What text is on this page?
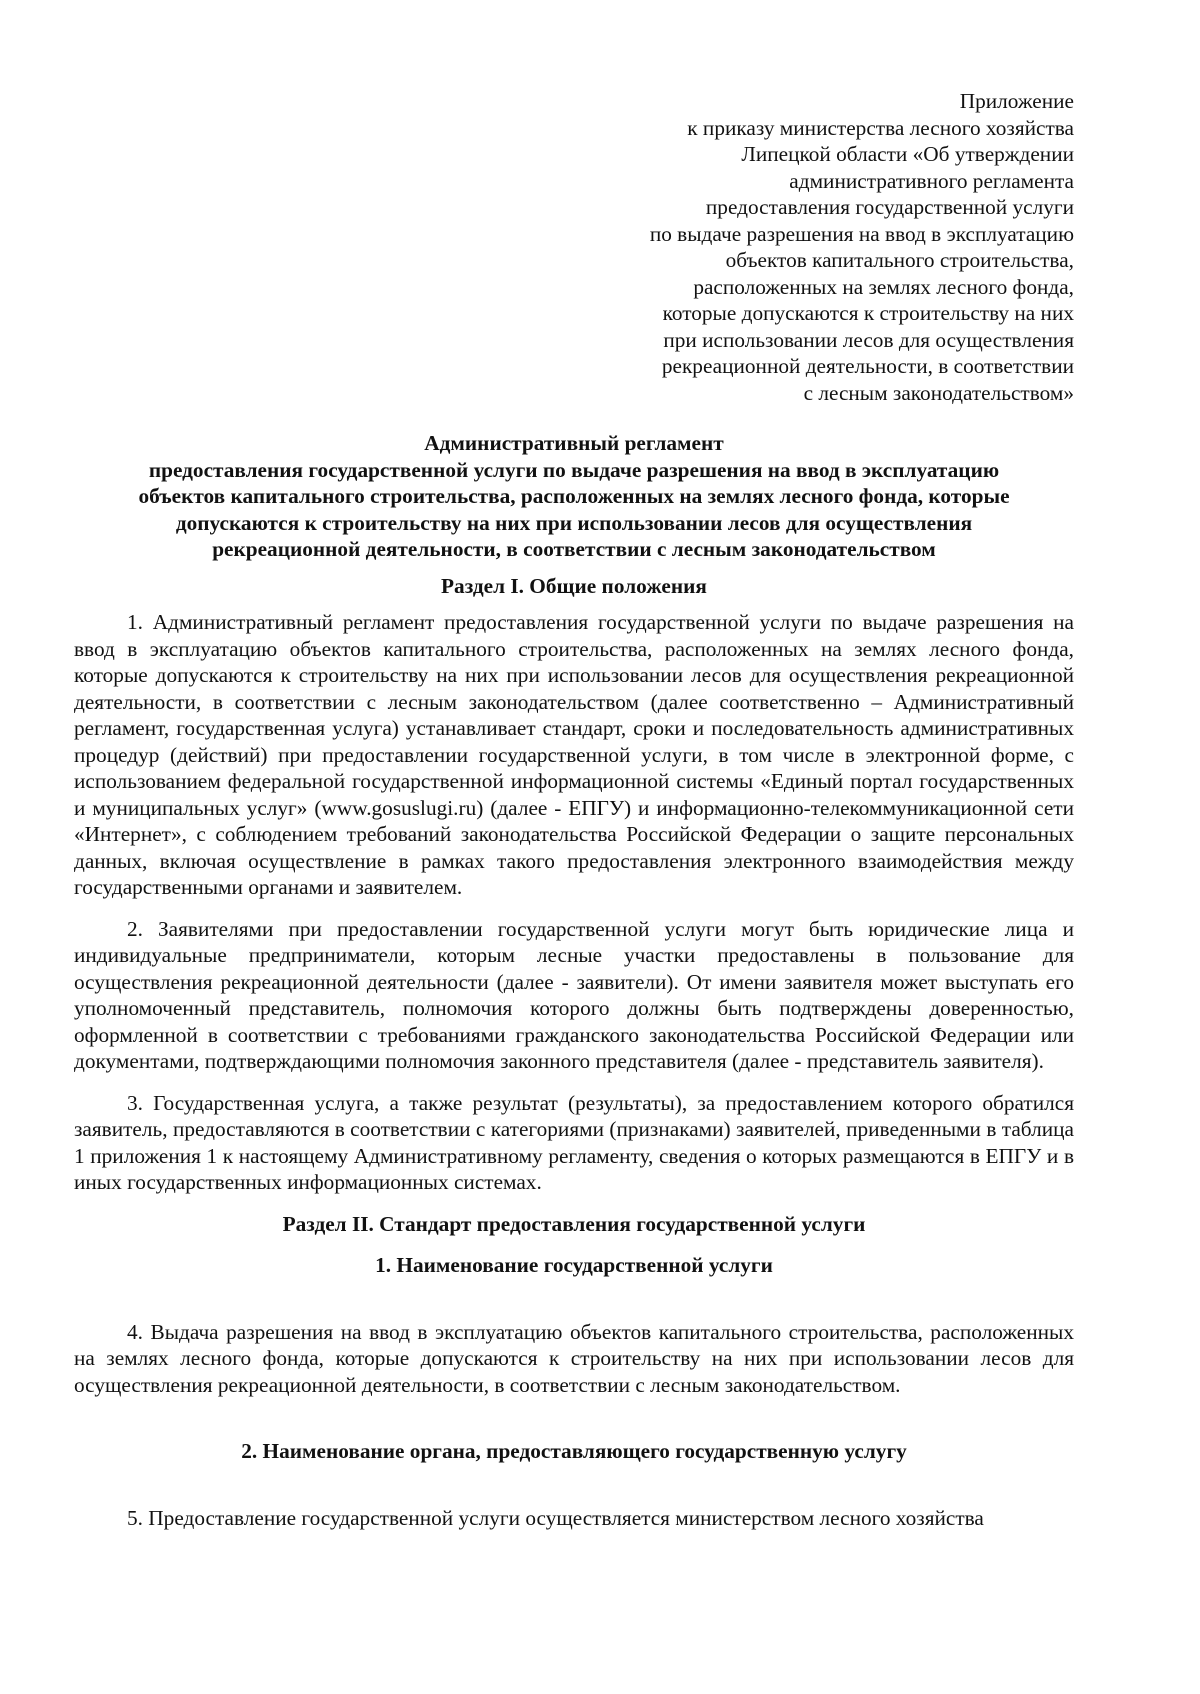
Приложение
к приказу министерства лесного хозяйства
Липецкой области «Об утверждении
административного регламента
предоставления государственной услуги
по выдаче разрешения на ввод в эксплуатацию
объектов капитального строительства,
расположенных на землях лесного фонда,
которые допускаются к строительству на них
при использовании лесов для осуществления
рекреационной деятельности, в соответствии
с лесным законодательством»
Административный регламент
предоставления государственной услуги по выдаче разрешения на ввод в эксплуатацию
объектов капитального строительства, расположенных на землях лесного фонда, которые
допускаются к строительству на них при использовании лесов для осуществления
рекреационной деятельности, в соответствии с лесным законодательством
Раздел I. Общие положения

1. Административный регламент предоставления государственной услуги по выдаче разрешения на ввод в эксплуатацию объектов капитального строительства, расположенных на землях лесного фонда, которые допускаются к строительству на них при использовании лесов для осуществления рекреационной деятельности, в соответствии с лесным законодательством (далее соответственно – Административный регламент, государственная услуга) устанавливает стандарт, сроки и последовательность административных процедур (действий) при предоставлении государственной услуги, в том числе в электронной форме, с использованием федеральной государственной информационной системы «Единый портал государственных и муниципальных услуг» (www.gosuslugi.ru) (далее - ЕПГУ) и информационно-телекоммуникационной сети «Интернет», с соблюдением требований законодательства Российской Федерации о защите персональных данных, включая осуществление в рамках такого предоставления электронного взаимодействия между государственными органами и заявителем.

2. Заявителями при предоставлении государственной услуги могут быть юридические лица и индивидуальные предприниматели, которым лесные участки предоставлены в пользование для осуществления рекреационной деятельности (далее - заявители). От имени заявителя может выступать его уполномоченный представитель, полномочия которого должны быть подтверждены доверенностью, оформленной в соответствии с требованиями гражданского законодательства Российской Федерации или документами, подтверждающими полномочия законного представителя (далее - представитель заявителя).

3. Государственная услуга, а также результат (результаты), за предоставлением которого обратился заявитель, предоставляются в соответствии с категориями (признаками) заявителей, приведенными в таблица 1 приложения 1 к настоящему Административному регламенту, сведения о которых размещаются в ЕПГУ и в иных государственных информационных системах.

Раздел II. Стандарт предоставления государственной услуги
1. Наименование государственной услуги

4. Выдача разрешения на ввод в эксплуатацию объектов капитального строительства, расположенных на землях лесного фонда, которые допускаются к строительству на них при использовании лесов для осуществления рекреационной деятельности, в соответствии с лесным законодательством.

2. Наименование органа, предоставляющего государственную услугу

5. Предоставление государственной услуги осуществляется министерством лесного хозяйства
